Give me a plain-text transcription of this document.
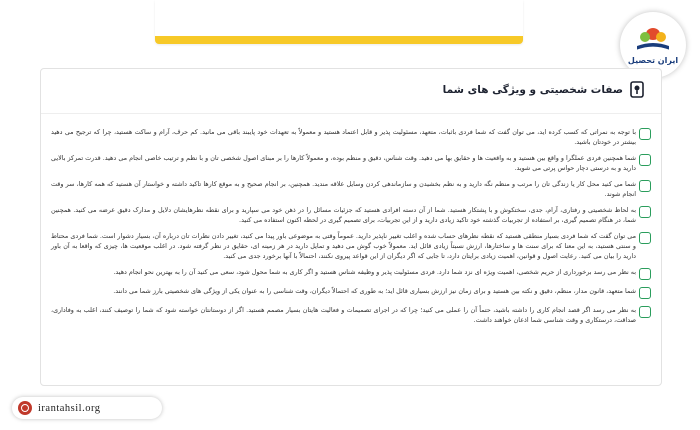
ایران تحصیل
صفات شخصیتی و ویژگی های شما
با توجه به نمراتی که کسب کرده اید، می توان گفت که شما فردی باثبات، متعهد، مسئولیت پذیر و قابل اعتماد هستید و معمولاً به تعهدات خود پایبند باقی می مانید. کم حرف، آرام و ساکت هستید، چرا که ترجیح می دهید بیشتر در خودتان باشید.
شما همچنین فردی عملگرا و واقع بین هستید و به واقعیت ها و حقایق بها می دهید. وقت شناس، دقیق و منظم بوده، و معمولاً کارها را بر مبنای اصول شخصی تان و با نظم و ترتیب خاصی انجام می دهید. قدرت تمرکز بالایی دارید و به درستی دچار حواس پرتی می شوید.
شما می کنید محل کار یا زندگی تان را مرتب و منظم نگه دارید و به نظم بخشیدن و سازماندهی کردن وسایل علاقه مندید. همچنین، بر انجام صحیح و به موقع کارها تاکید داشته و خواستار آن هستید که همه کارها، سر وقت انجام شوند.
به لحاظ شخصیتی و رفتاری، آرام، جدی، سختکوش و با پشتکار هستید. شما از آن دسته افرادی هستید که جزئیات مسائل را در ذهن خود می سپارید و برای نقطه نظرهایشان دلایل و مدارک دقیق عرضه می کنید. همچنین شما، در هنگام تصمیم گیری، بر استفاده از تجربیات گذشته خود تاکید زیادی دارید و از این تجربیات، برای تصمیم گیری در لحظه اکنون استفاده می کنید.
می توان گفت که شما فردی بسیار منطقی هستید که نقطه نظرهای حساب شده و اغلب تغییر ناپذیر دارید. عموماً وقتی به موضوعی باور پیدا می کنید، تغییر دادن نظرات تان درباره آن، بسیار دشوار است. شما فردی محتاط و سنتی هستید، به این معنا که برای سنت ها و ساختارها، ارزش نسبتاً زیادی قائل اید. معمولاً خوب گوش می دهید و تمایل دارید در هر زمینه ای، حقایق در نظر گرفته شود. در اغلب موقعیت ها، چیزی که واقعا به آن باور دارید را بیان می کنید. رعایت اصول و قوانین، اهمیت زیادی برایتان دارد، تا جایی که اگر دیگران از این قواعد پیروی نکنند، احتمالاً با آنها برخورد جدی می کنید.
به نظر می رسد برخورداری از حریم شخصی، اهمیت ویژه ای نزد شما دارد. فردی مسئولیت پذیر و وظیفه شناس هستید و اگر کاری به شما محول شود، سعی می کنید آن را به بهترین نحو انجام دهید.
شما متعهد، قانون مدار، منظم، دقیق و نکته بین هستید و برای زمان نیز ارزش بسیاری قائل اید؛ به طوری که احتمالاً دیگران، وقت شناسی را به عنوان یکی از ویژگی های شخصیتی بارز شما می دانند.
به نظر می رسد اگر قصد انجام کاری را داشته باشید، حتماً آن را عملی می کنید؛ چرا که در اجرای تصمیمات و فعالیت هایتان بسیار مصمم هستید. اگر از دوستانتان خواسته شود که شما را توصیف کنند، اغلب به وفاداری، صداقت، درستکاری و وقت شناسی شما اذعان خواهند داشت.
irantahsil.org
